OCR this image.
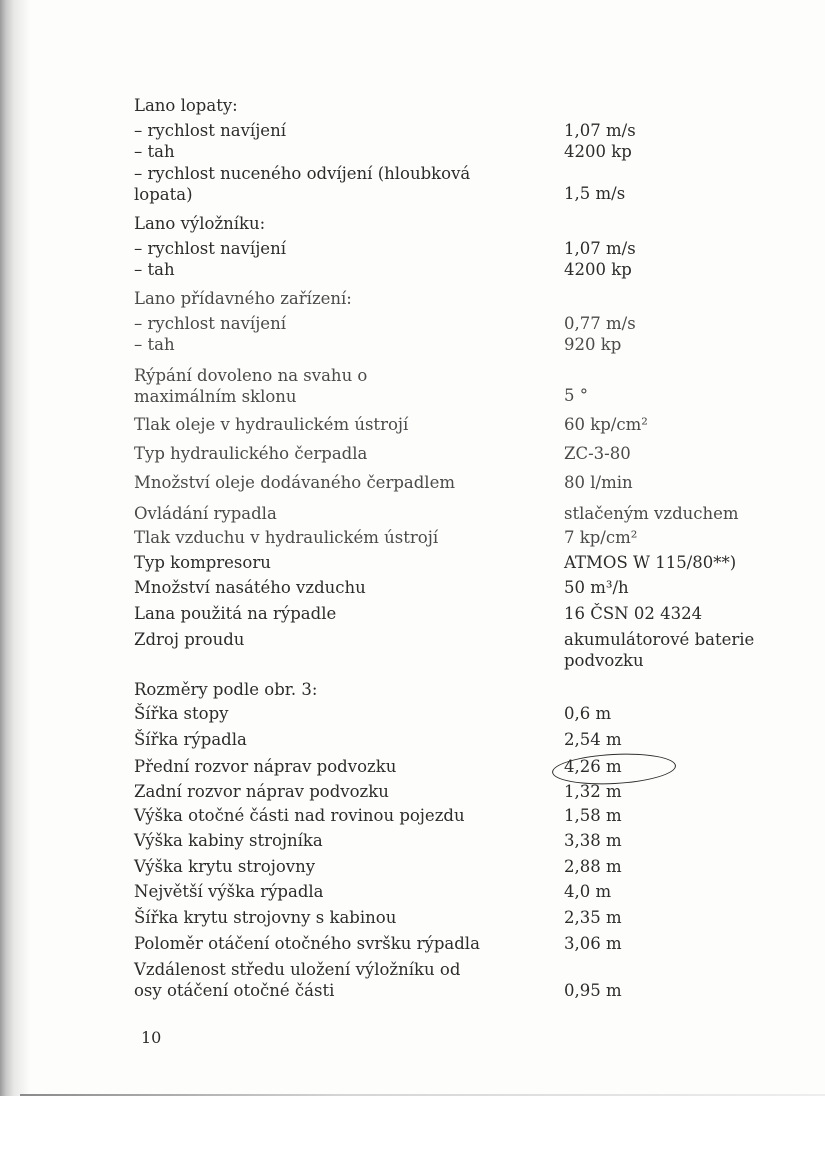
Lano lopaty:
– rychlost navíjení	1,07 m/s
– tah	4200 kp
– rychlost nuceného odvíjení (hloubková lopata)	1,5 m/s
Lano výložníku:
– rychlost navíjení	1,07 m/s
– tah	4200 kp
Lano přídavného zařízení:
– rychlost navíjení	0,77 m/s
– tah	920 kp
Rýpání dovoleno na svahu o maximálním sklonu	5 °
Tlak oleje v hydraulickém ústrojí	60 kp/cm²
Typ hydraulického čerpadla	ZC-3-80
Množství oleje dodávaného čerpadlem	80 l/min
Ovládání rypadla	stlačeným vzduchem
Tlak vzduchu v hydraulickém ústrojí	7 kp/cm²
Typ kompresoru	ATMOS W 115/80**)
Množství nasátého vzduchu	50 m³/h
Lana použitá na rýpadle	16 ČSN 02 4324
Zdroj proudu	akumulátorové baterie podvozku
Rozměry podle obr. 3:
Šířka stopy	0,6 m
Šířka rýpadla	2,54 m
Přední rozvor náprav podvozku	4,26 m
Zadní rozvor náprav podvozku	1,32 m
Výška otočné části nad rovinou pojezdu	1,58 m
Výška kabiny strojníka	3,38 m
Výška krytu strojovny	2,88 m
Největší výška rýpadla	4,0 m
Šířka krytu strojovny s kabinou	2,35 m
Poloměr otáčení otočného svršku rýpadla	3,06 m
Vzdálenost středu uložení výložníku od osy otáčení otočné části	0,95 m
10
